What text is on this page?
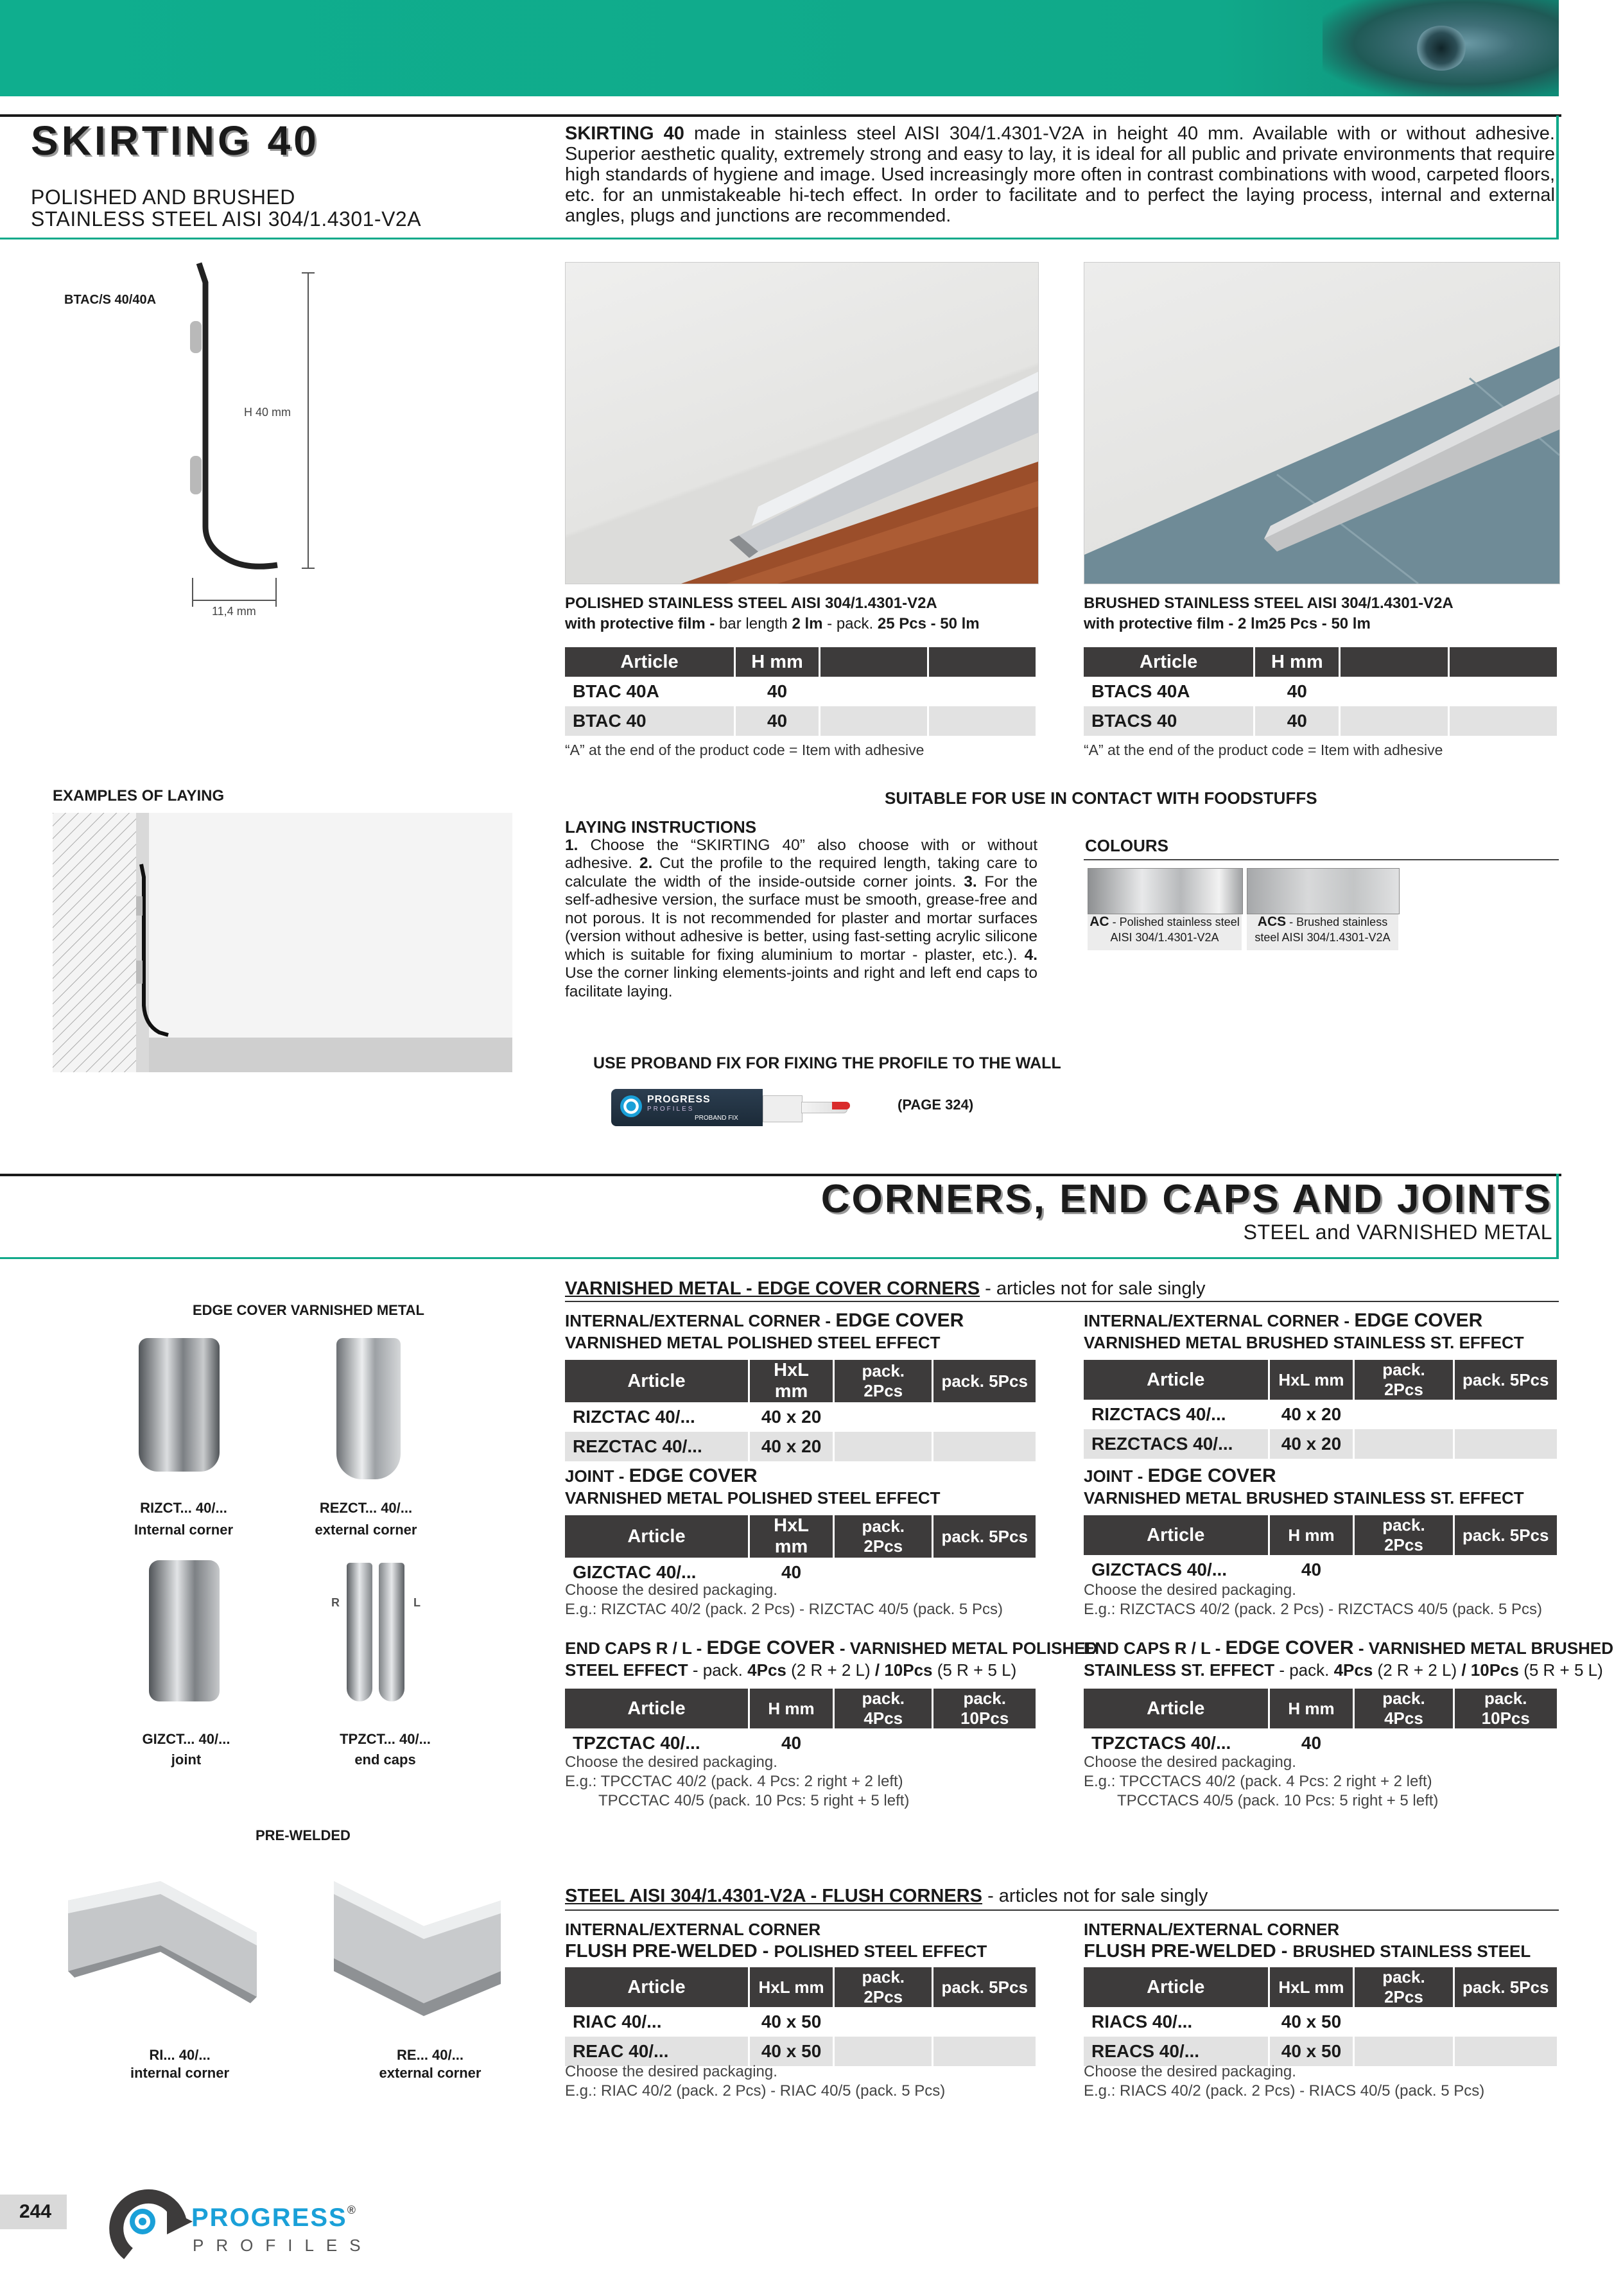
SKIRTING 40
POLISHED AND BRUSHED
STAINLESS STEEL AISI 304/1.4301-V2A
SKIRTING 40 made in stainless steel AISI 304/1.4301-V2A in height 40 mm. Available with or without adhesive. Superior aesthetic quality, extremely strong and easy to lay, it is ideal for all public and private environments that require high standards of hygiene and image. Used increasingly more often in contrast combinations with wood, carpeted floors, etc. for an unmistakeable hi-tech effect. In order to facilitate and to perfect the laying process, internal and external angles, plugs and junctions are recommended.
BTAC/S 40/40A
H 40 mm
11,4 mm	POLISHED STAINLESS STEEL AISI 304/1.4301-V2A
with protective film - bar length 2 lm - pack. 25 Pcs - 50 lm
BRUSHED STAINLESS STEEL AISI 304/1.4301-V2A
with protective film - 2 lm25 Pcs - 50 lm
Article	H mm		
BTAC 40A	40		
BTAC 40	40		
“A” at the end of the product code = Item with adhesive
Article	H mm		
BTACS 40A	40		
BTACS 40	40		
“A” at the end of the product code = Item with adhesive
EXAMPLES OF LAYING	SUITABLE FOR USE IN CONTACT WITH FOODSTUFFS
LAYING INSTRUCTIONS
1. Choose the “SKIRTING 40” also choose with or without adhesive. 2. Cut the profile to the required length, taking care to calculate the width of the inside-outside corner joints. 3. For the self-adhesive version, the surface must be smooth, grease-free and not porous. It is not recommended for plaster and mortar surfaces (version without adhesive is better, using fast-setting acrylic silicone which is suitable for fixing aluminium to mortar - plaster, etc.). 4. Use the corner linking elements-joints and right and left end caps to facilitate laying.
COLOURS
AC - Polished stainless steel AISI 304/1.4301-V2A
ACS - Brushed stainless steel AISI 304/1.4301-V2A
USE PROBAND FIX FOR FIXING THE PROFILE TO THE WALL
PROGRESS
PROFILES
PROBAND FIX
(PAGE 324)
CORNERS, END CAPS AND JOINTS
STEEL and VARNISHED METAL
EDGE COVER VARNISHED METAL
RIZCT... 40/...
Internal corner
REZCT... 40/...
external corner
R	L
GIZCT... 40/...
joint
TPZCT... 40/...
end caps
PRE-WELDED
RI... 40/...
internal corner
RE... 40/...
external corner
VARNISHED METAL - EDGE COVER CORNERS - articles not for sale singly
INTERNAL/EXTERNAL CORNER - EDGE COVER
VARNISHED METAL POLISHED STEEL EFFECT
Article	HxL mm	pack. 2Pcs	pack. 5Pcs
RIZCTAC 40/...	40 x 20		
REZCTAC 40/...	40 x 20		
INTERNAL/EXTERNAL CORNER - EDGE COVER
VARNISHED METAL BRUSHED STAINLESS ST. EFFECT
Article	HxL mm	pack. 2Pcs	pack. 5Pcs
RIZCTACS 40/...	40 x 20		
REZCTACS 40/...	40 x 20		
JOINT - EDGE COVER
VARNISHED METAL POLISHED STEEL EFFECT
Article	HxL mm	pack. 2Pcs	pack. 5Pcs
GIZCTAC 40/...	40		
Choose the desired packaging.
E.g.: RIZCTAC 40/2 (pack. 2 Pcs) - RIZCTAC 40/5 (pack. 5 Pcs)
JOINT - EDGE COVER
VARNISHED METAL BRUSHED STAINLESS ST. EFFECT
Article	H mm	pack. 2Pcs	pack. 5Pcs
GIZCTACS 40/...	40		
Choose the desired packaging.
E.g.: RIZCTACS 40/2 (pack. 2 Pcs) - RIZCTACS 40/5 (pack. 5 Pcs)
END CAPS R / L - EDGE COVER - VARNISHED METAL POLISHED
STEEL EFFECT - pack. 4Pcs (2 R + 2 L) / 10Pcs (5 R + 5 L)
Article	H mm	pack. 4Pcs	pack. 10Pcs
TPZCTAC 40/...	40		
Choose the desired packaging.
E.g.: TPCCTAC 40/2 (pack. 4 Pcs: 2 right + 2 left)
TPCCTAC 40/5 (pack. 10 Pcs: 5 right + 5 left)
END CAPS R / L - EDGE COVER - VARNISHED METAL BRUSHED
STAINLESS ST. EFFECT - pack. 4Pcs (2 R + 2 L) / 10Pcs (5 R + 5 L)
Article	H mm	pack. 4Pcs	pack. 10Pcs
TPZCTACS 40/...	40		
Choose the desired packaging.
E.g.: TPCCTACS 40/2 (pack. 4 Pcs: 2 right + 2 left)
TPCCTACS 40/5 (pack. 10 Pcs: 5 right + 5 left)
STEEL AISI 304/1.4301-V2A - FLUSH CORNERS - articles not for sale singly
INTERNAL/EXTERNAL CORNER
FLUSH PRE-WELDED - POLISHED STEEL EFFECT
Article	HxL mm	pack. 2Pcs	pack. 5Pcs
RIAC 40/...	40 x 50		
REAC 40/...	40 x 50		
Choose the desired packaging.
E.g.: RIAC 40/2 (pack. 2 Pcs) - RIAC 40/5 (pack. 5 Pcs)
INTERNAL/EXTERNAL CORNER
FLUSH PRE-WELDED - BRUSHED STAINLESS STEEL
Article	HxL mm	pack. 2Pcs	pack. 5Pcs
RIACS 40/...	40 x 50		
REACS 40/...	40 x 50		
Choose the desired packaging.
E.g.: RIACS 40/2 (pack. 2 Pcs) - RIACS 40/5 (pack. 5 Pcs)
244	PROGRESS®
PROFILES
